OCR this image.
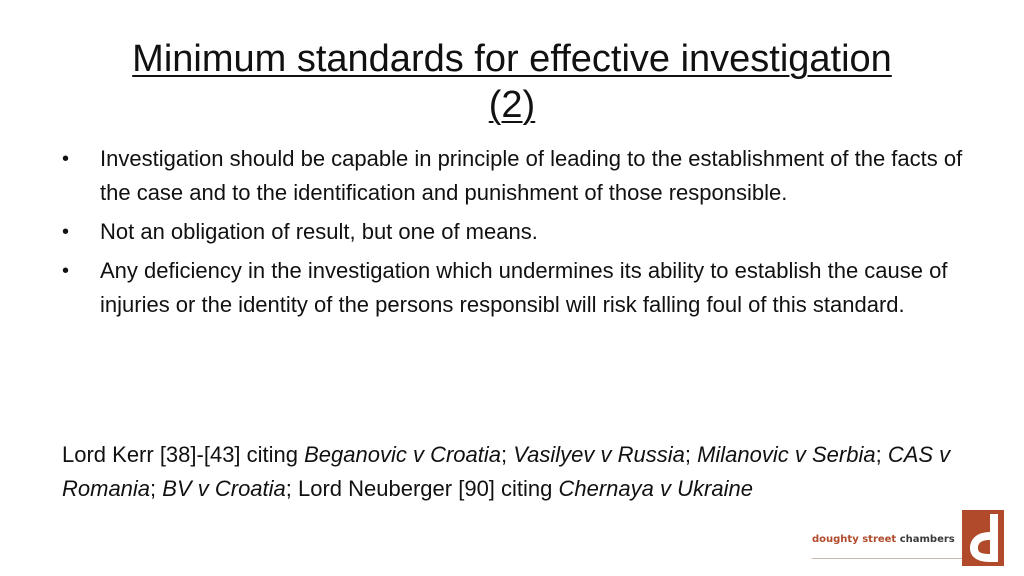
Minimum standards for effective investigation
(2)
• Investigation should be capable in principle of leading to the establishment of the facts of the case and to the identification and punishment of those responsible.
• Not an obligation of result, but one of means.
• Any deficiency in the investigation which undermines its ability to establish the cause of injuries or the identity of the persons responsibl will risk falling foul of this standard.
Lord Kerr [38]-[43] citing Beganovic v Croatia; Vasilyev v Russia; Milanovic v Serbia; CAS v Romania; BV v Croatia; Lord Neuberger [90] citing Chernaya v Ukraine
doughty street chambers
